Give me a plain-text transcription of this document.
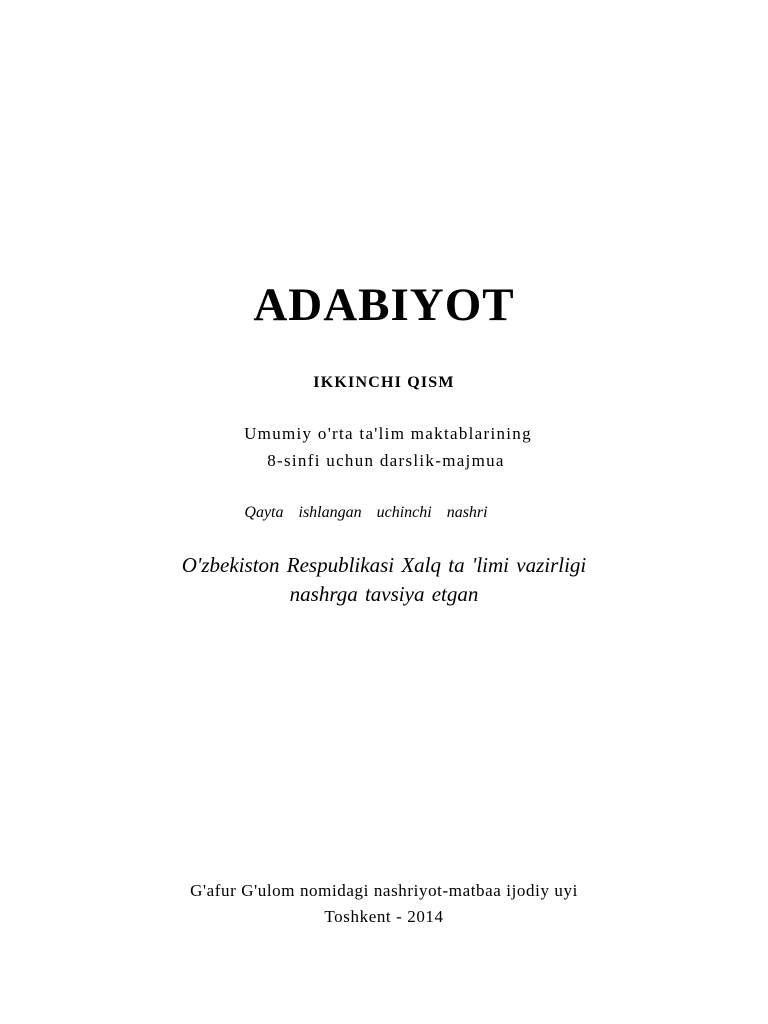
ADABIYOT
IKKINCHI QISM
Umumiy o'rta ta'lim maktablarining
8-sinfi uchun darslik-majmua
Qayta ishlangan uchinchi nashri
O'zbekiston Respublikasi Xalq ta 'limi vazirligi
nashrga tavsiya etgan
G'afur G'ulom nomidagi nashriyot-matbaa ijodiy uyi
Toshkent - 2014
